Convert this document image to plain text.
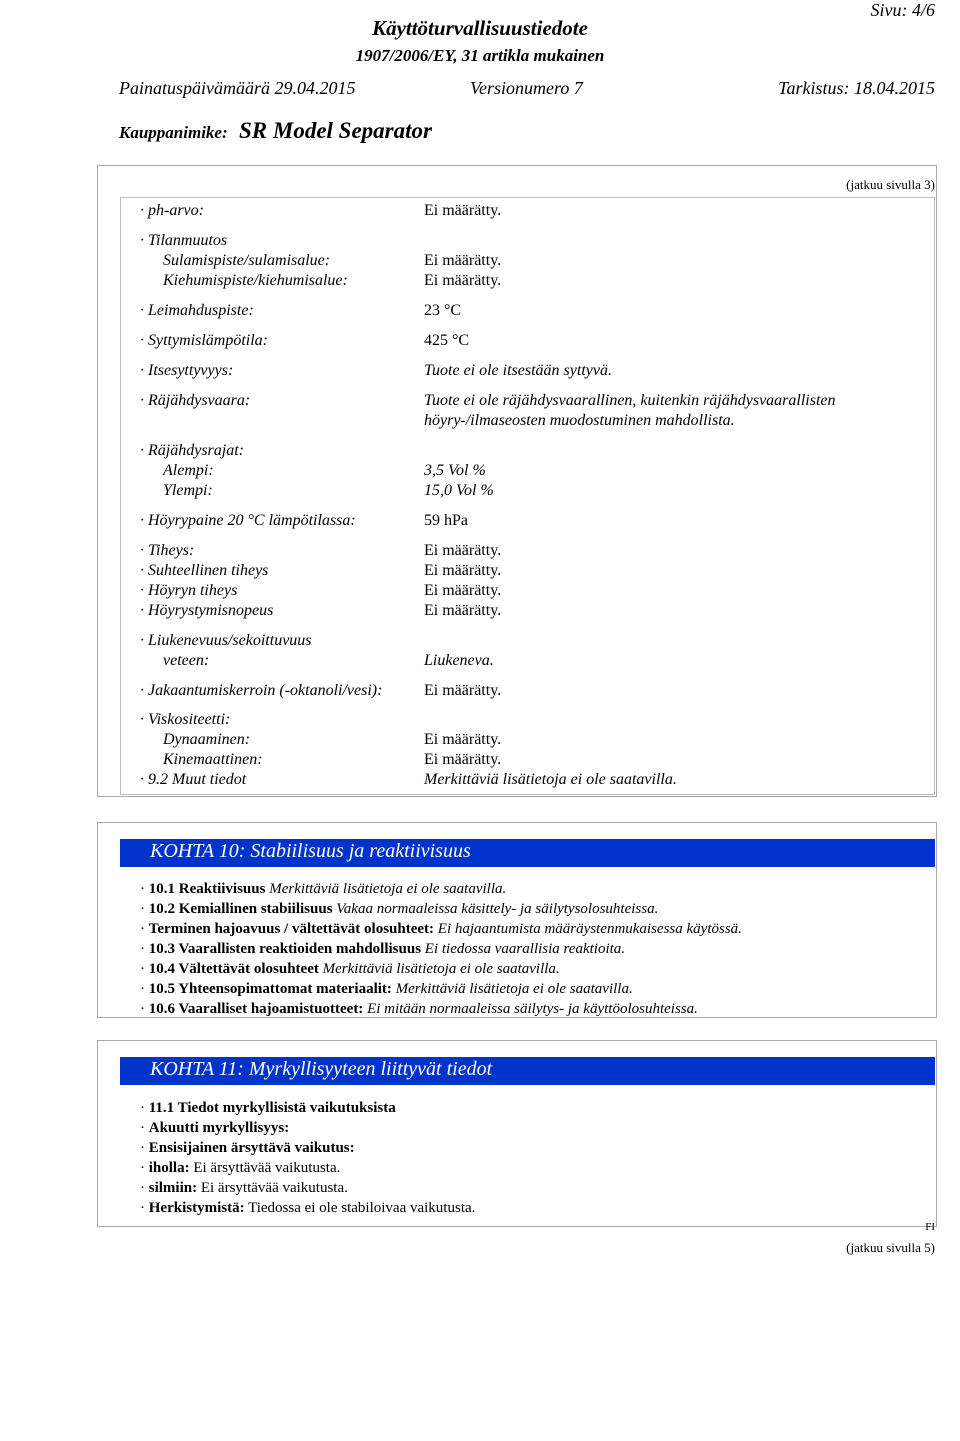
Sivu: 4/6
Käyttöturvallisuustiedote
1907/2006/EY, 31 artikla mukainen
Painatuspäivämäärä 29.04.2015	Versionumero 7	Tarkistus: 18.04.2015
Kauppanimike: SR Model Separator
(jatkuu sivulla 3)
· ph-arvo:	Ei määrätty.
· Tilanmuutos
Sulamispiste/sulamisalue:	Ei määrätty.
Kiehumispiste/kiehumisalue:	Ei määrätty.
· Leimahduspiste:	23 °C
· Syttymislämpötila:	425 °C
· Itsesyttyvyys:	Tuote ei ole itsestään syttyvä.
· Räjähdysvaara:	Tuote ei ole räjähdysvaarallinen, kuitenkin räjähdysvaarallisten
höyry-/ilmaseosten muodostuminen mahdollista.
· Räjähdysrajat:
Alempi:	3,5 Vol %
Ylempi:	15,0 Vol %
· Höyrypaine 20 °C lämpötilassa:	59 hPa
· Tiheys:	Ei määrätty.
· Suhteellinen tiheys	Ei määrätty.
· Höyryn tiheys	Ei määrätty.
· Höyrystymisnopeus	Ei määrätty.
· Liukenevuus/sekoittuvuus
veteen:	Liukeneva.
· Jakaantumiskerroin (-oktanoli/vesi):	Ei määrätty.
· Viskositeetti:
Dynaaminen:	Ei määrätty.
Kinemaattinen:	Ei määrätty.
· 9.2 Muut tiedot	Merkittäviä lisätietoja ei ole saatavilla.
KOHTA 10: Stabiilisuus ja reaktiivisuus
· 10.1 Reaktiivisuus Merkittäviä lisätietoja ei ole saatavilla.
· 10.2 Kemiallinen stabiilisuus Vakaa normaaleissa käsittely- ja säilytysolosuhteissa.
· Terminen hajoavuus / vältettävät olosuhteet: Ei hajaantumista määräystenmukaisessa käytössä.
· 10.3 Vaarallisten reaktioiden mahdollisuus Ei tiedossa vaarallisia reaktioita.
· 10.4 Vältettävät olosuhteet Merkittäviä lisätietoja ei ole saatavilla.
· 10.5 Yhteensopimattomat materiaalit: Merkittäviä lisätietoja ei ole saatavilla.
· 10.6 Vaaralliset hajoamistuotteet: Ei mitään normaaleissa säilytys- ja käyttöolosuhteissa.
KOHTA 11: Myrkyllisyyteen liittyvät tiedot
· 11.1 Tiedot myrkyllisistä vaikutuksista
· Akuutti myrkyllisyys:
· Ensisijainen ärsyttävä vaikutus:
· iholla: Ei ärsyttävää vaikutusta.
· silmiin: Ei ärsyttävää vaikutusta.
· Herkistymistä: Tiedossa ei ole stabiloivaa vaikutusta.
FI
(jatkuu sivulla 5)
